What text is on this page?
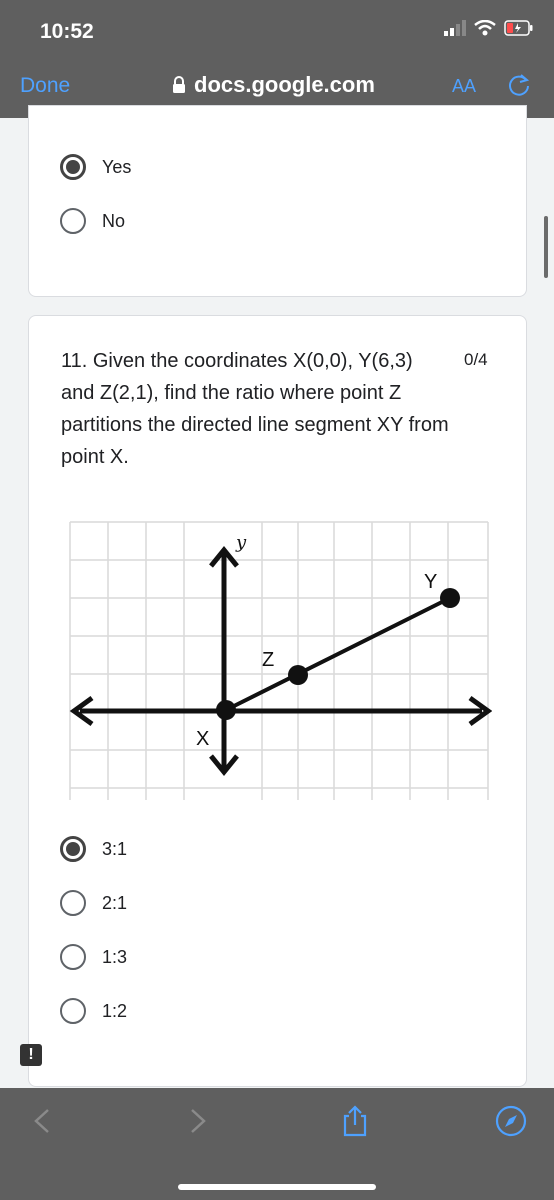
10:52
Done	docs.google.com	AA
Yes
No
11. Given the coordinates X(0,0), Y(6,3) and Z(2,1), find the ratio where point Z partitions the directed line segment XY from point X.
0/4
y
X
Z
Y
3:1
2:1
1:3
1:2
!
